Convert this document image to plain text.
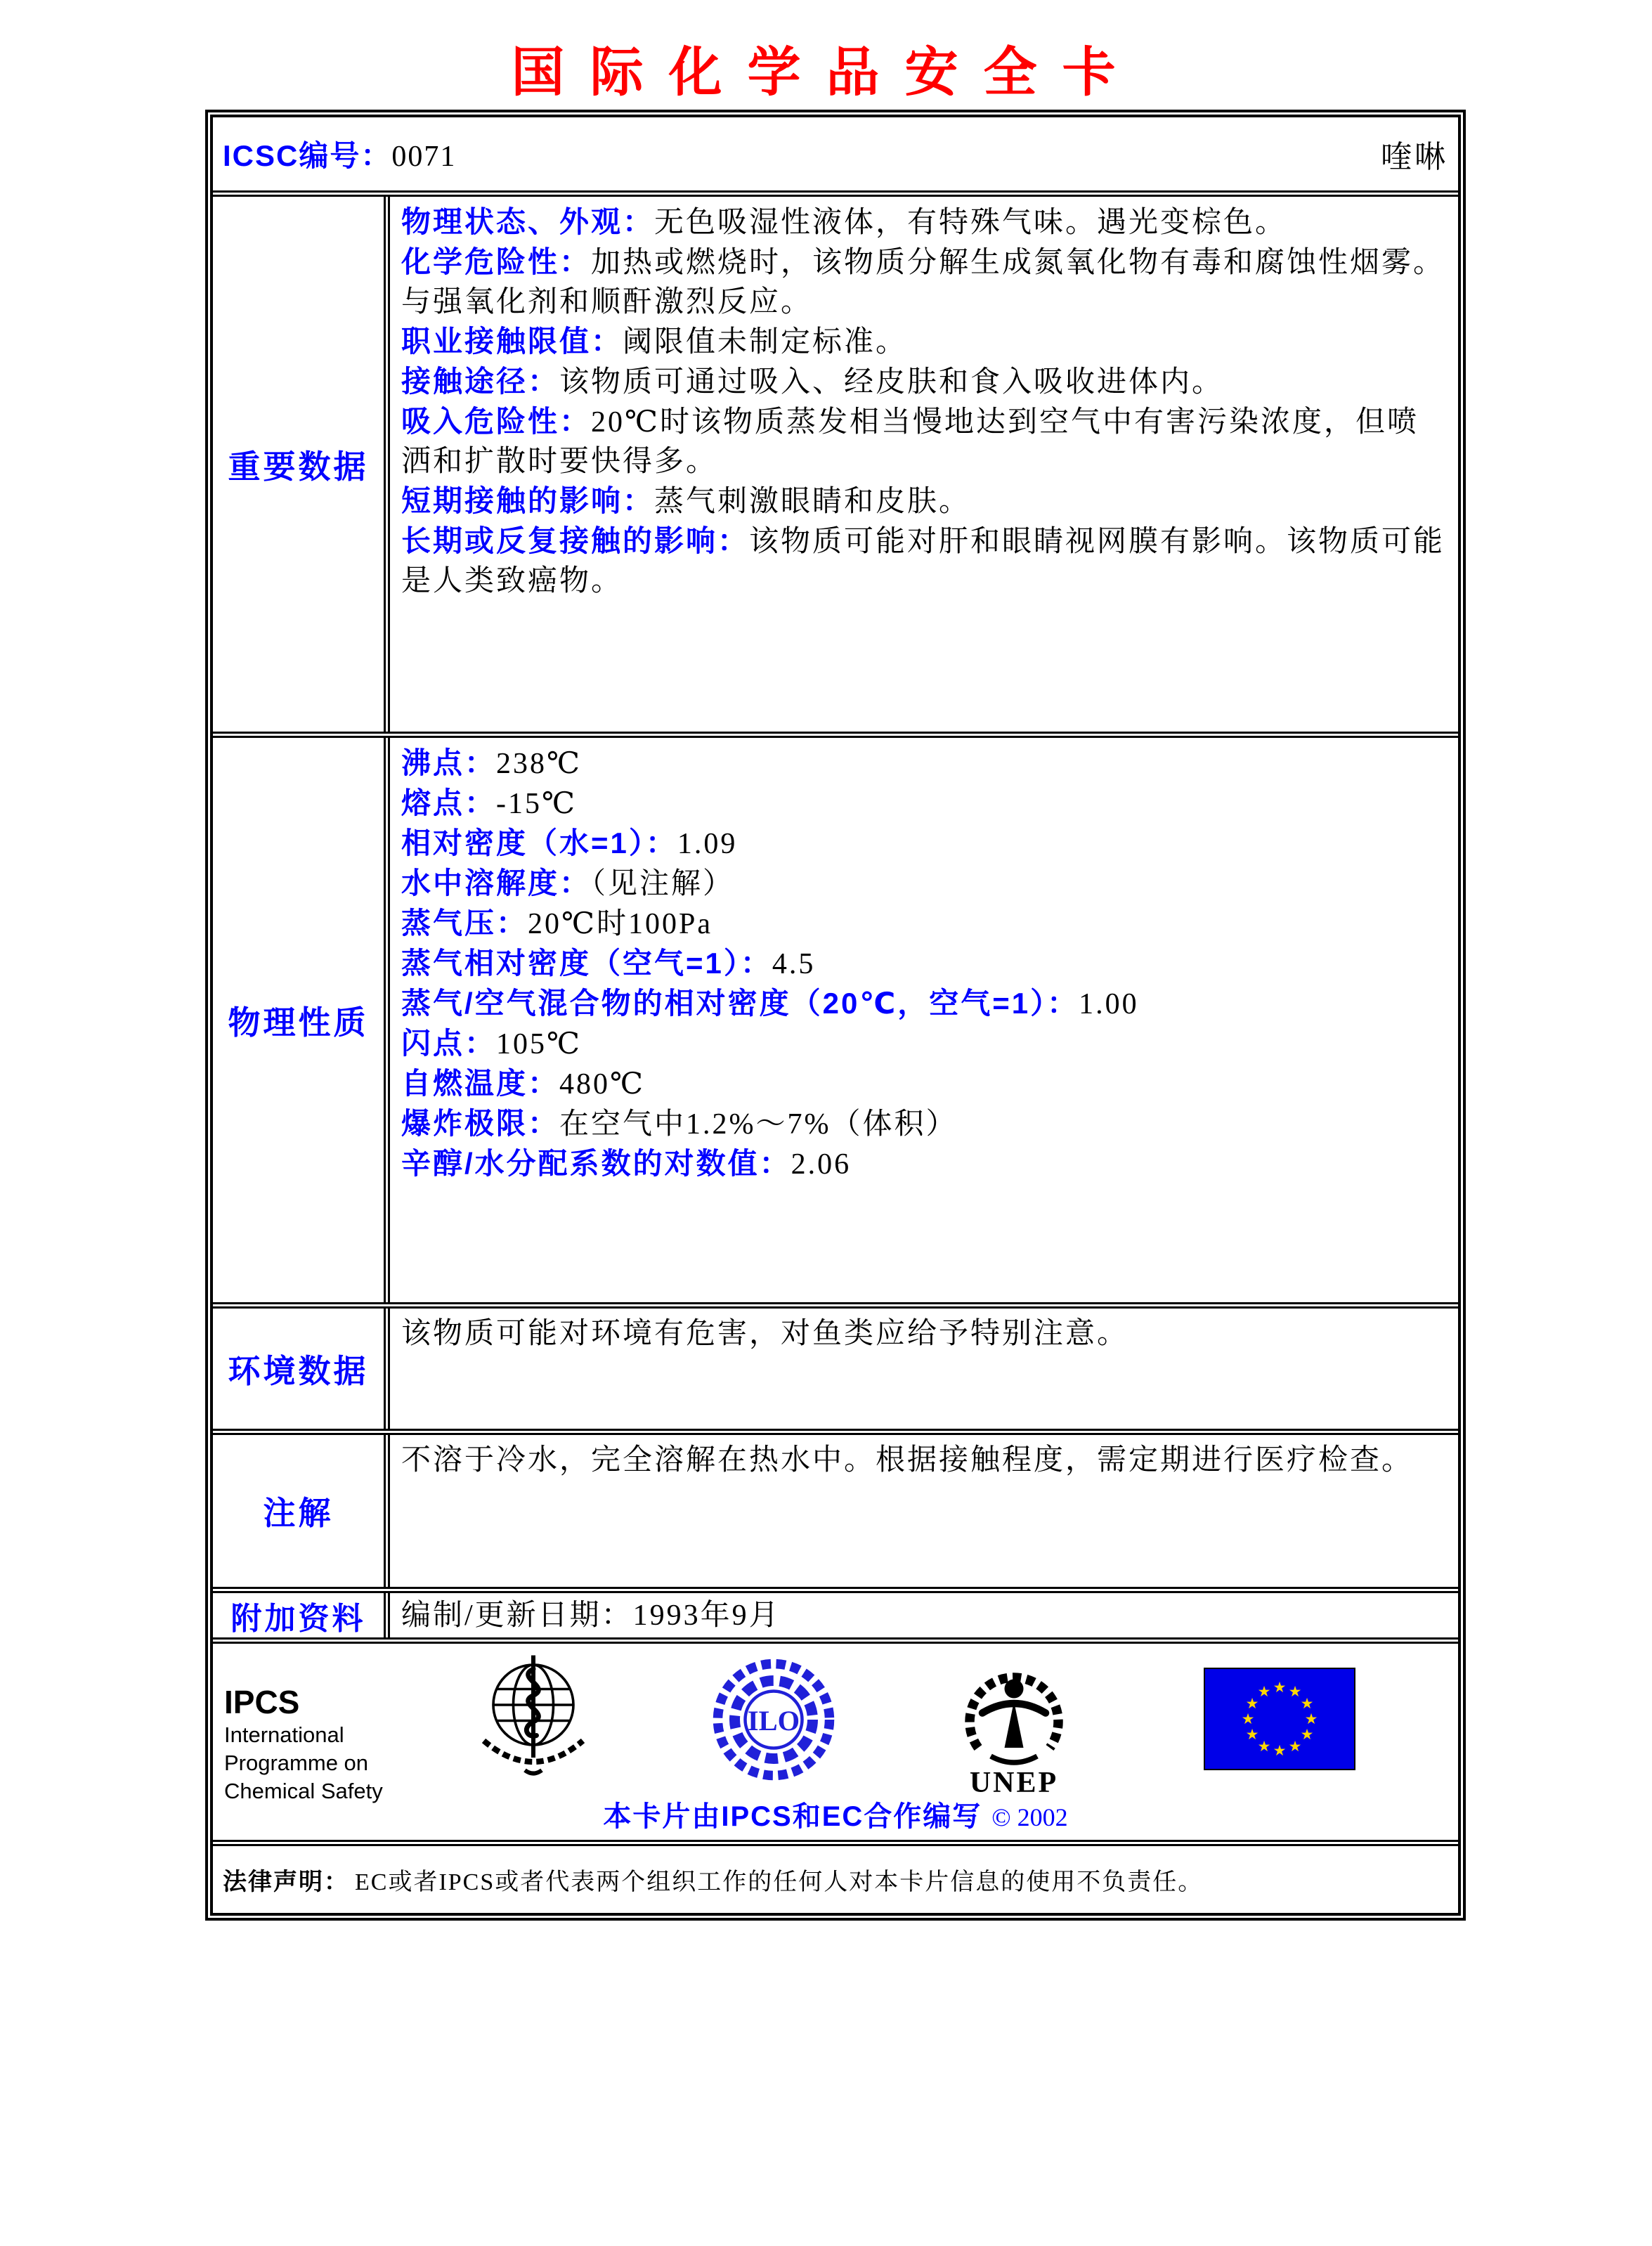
国际化学品安全卡
ICSC编号：0071	喹啉
重要数据
物理状态、外观：无色吸湿性液体，有特殊气味。遇光变棕色。
化学危险性：加热或燃烧时，该物质分解生成氮氧化物有毒和腐蚀性烟雾。与强氧化剂和顺酐激烈反应。
职业接触限值：阈限值未制定标准。
接触途径：该物质可通过吸入、经皮肤和食入吸收进体内。
吸入危险性：20℃时该物质蒸发相当慢地达到空气中有害污染浓度，但喷洒和扩散时要快得多。
短期接触的影响：蒸气刺激眼睛和皮肤。
长期或反复接触的影响：该物质可能对肝和眼睛视网膜有影响。该物质可能是人类致癌物。
物理性质
沸点：238℃
熔点：-15℃
相对密度（水=1）：1.09
水中溶解度：（见注解）
蒸气压：20℃时100Pa
蒸气相对密度（空气=1）：4.5
蒸气/空气混合物的相对密度（20℃，空气=1）：1.00
闪点：105℃
自燃温度：480℃
爆炸极限：在空气中1.2%～7%（体积）
辛醇/水分配系数的对数值：2.06
环境数据
该物质可能对环境有危害，对鱼类应给予特别注意。
注解
不溶于冷水，完全溶解在热水中。根据接触程度，需定期进行医疗检查。
附加资料	编制/更新日期：1993年9月
IPCS
International
Programme on
Chemical Safety
ILO
UNEP
★ ★
★
★
★
★
★
★
★
★
★
★
本卡片由IPCS和EC合作编写 © 2002
法律声明： EC或者IPCS或者代表两个组织工作的任何人对本卡片信息的使用不负责任。
